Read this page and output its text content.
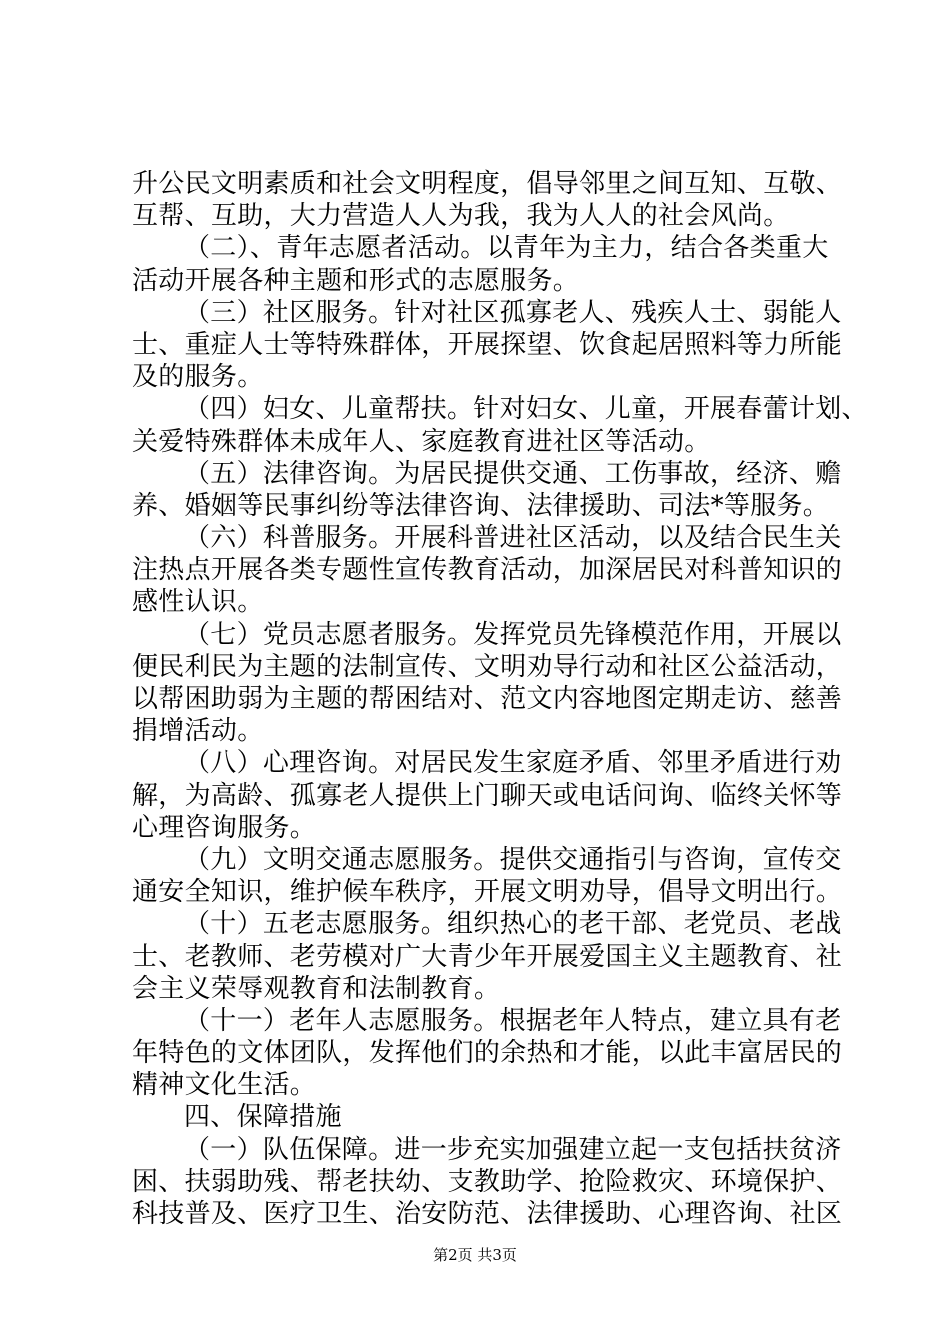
升公民文明素质和社会文明程度，倡导邻里之间互知、互敬、
互帮、互助，大力营造人人为我，我为人人的社会风尚。
（二）、青年志愿者活动。以青年为主力，结合各类重大
活动开展各种主题和形式的志愿服务。
（三）社区服务。针对社区孤寡老人、残疾人士、弱能人
士、重症人士等特殊群体，开展探望、饮食起居照料等力所能
及的服务。
（四）妇女、儿童帮扶。针对妇女、儿童，开展春蕾计划、
关爱特殊群体未成年人、家庭教育进社区等活动。
（五）法律咨询。为居民提供交通、工伤事故，经济、赡
养、婚姻等民事纠纷等法律咨询、法律援助、司法*等服务。
（六）科普服务。开展科普进社区活动，以及结合民生关
注热点开展各类专题性宣传教育活动，加深居民对科普知识的
感性认识。
（七）党员志愿者服务。发挥党员先锋模范作用，开展以
便民利民为主题的法制宣传、文明劝导行动和社区公益活动，
以帮困助弱为主题的帮困结对、范文内容地图定期走访、慈善
捐增活动。
（八）心理咨询。对居民发生家庭矛盾、邻里矛盾进行劝
解，为高龄、孤寡老人提供上门聊天或电话问询、临终关怀等
心理咨询服务。
（九）文明交通志愿服务。提供交通指引与咨询，宣传交
通安全知识，维护候车秩序，开展文明劝导，倡导文明出行。
（十）五老志愿服务。组织热心的老干部、老党员、老战
士、老教师、老劳模对广大青少年开展爱国主义主题教育、社
会主义荣辱观教育和法制教育。
（十一）老年人志愿服务。根据老年人特点，建立具有老
年特色的文体团队，发挥他们的余热和才能，以此丰富居民的
精神文化生活。
四、保障措施
（一）队伍保障。进一步充实加强建立起一支包括扶贫济
困、扶弱助残、帮老扶幼、支教助学、抢险救灾、环境保护、
科技普及、医疗卫生、治安防范、法律援助、心理咨询、社区
第2页 共3页
